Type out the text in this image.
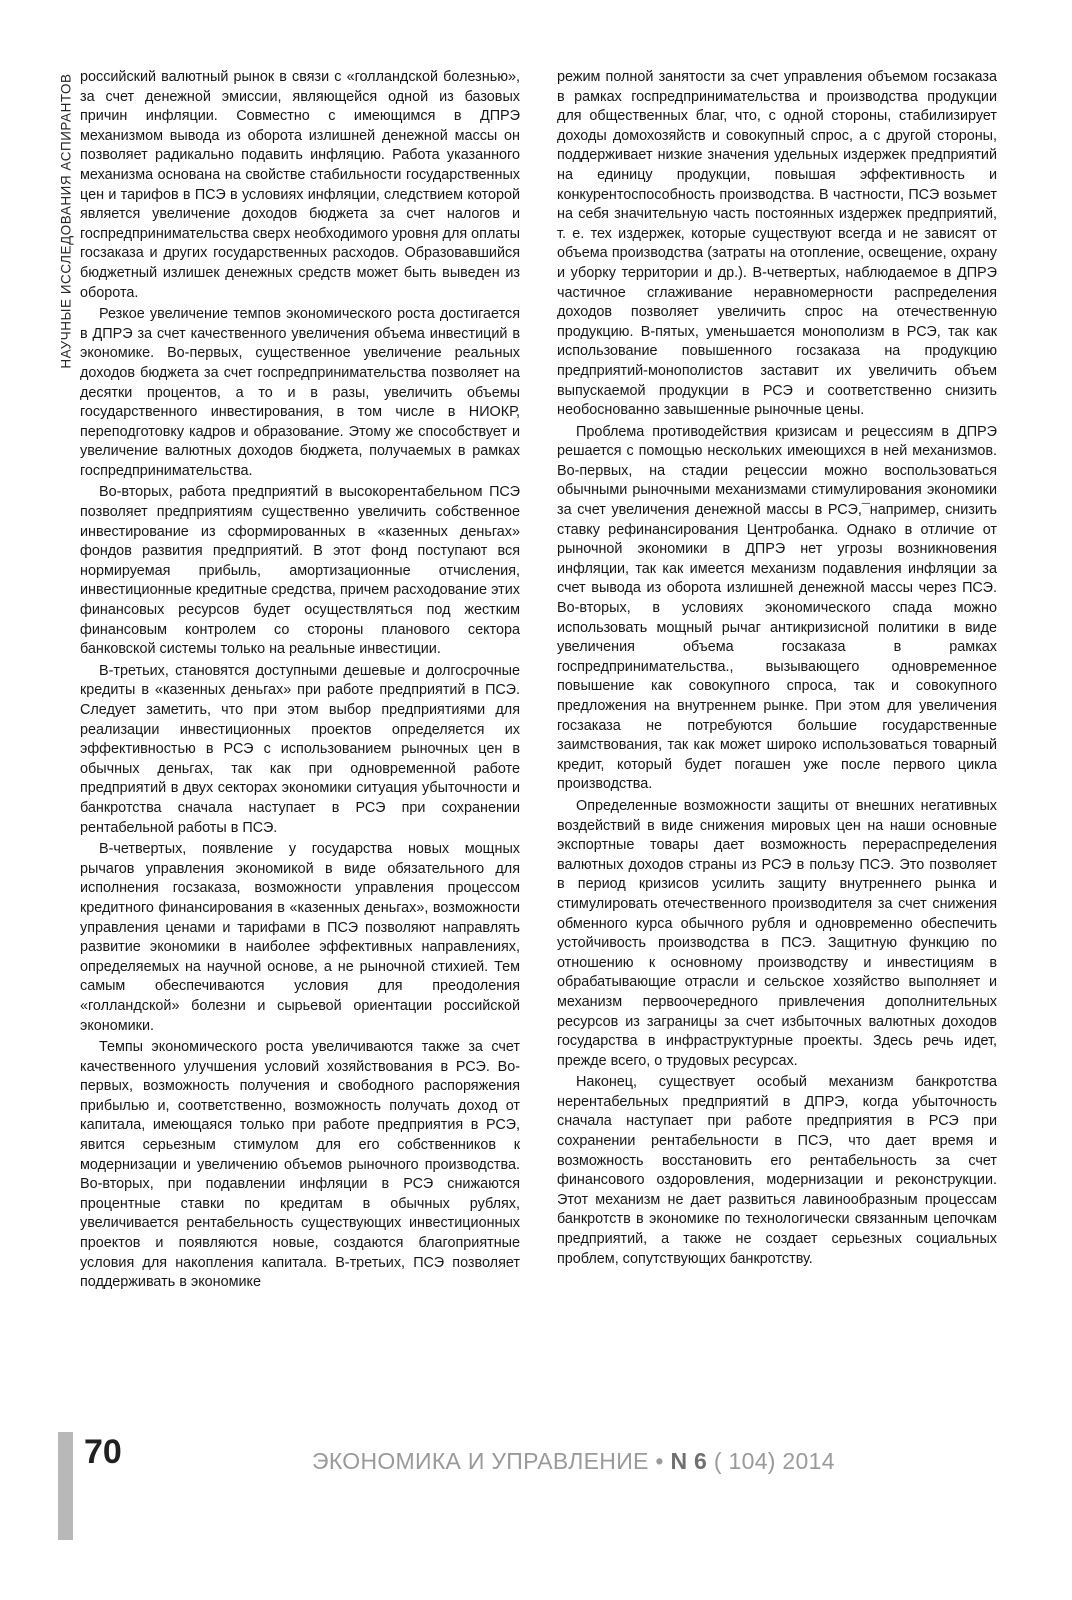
НАУЧНЫЕ ИССЛЕДОВАНИЯ АСПИРАНТОВ российский валютный рынок в связи с «голландской болезнью», за счет денежной эмиссии, являющейся одной из базовых причин инфляции. Совместно с имеющимся в ДПРЭ механизмом вывода из оборота излишней денежной массы он позволяет радикально подавить инфляцию. Работа указанного механизма основана на свойстве стабильности государственных цен и тарифов в ПСЭ в условиях инфляции, следствием которой является увеличение доходов бюджета за счет налогов и госпредпринимательства сверх необходимого уровня для оплаты госзаказа и других государственных расходов. Образовавшийся бюджетный излишек денежных средств может быть выведен из оборота.

Резкое увеличение темпов экономического роста достигается в ДПРЭ за счет качественного увеличения объема инвестиций в экономике. Во-первых, существенное увеличение реальных доходов бюджета за счет госпредпринимательства позволяет на десятки процентов, а то и в разы, увеличить объемы государственного инвестирования, в том числе в НИОКР, переподготовку кадров и образование. Этому же способствует и увеличение валютных доходов бюджета, получаемых в рамках госпредпринимательства.

Во-вторых, работа предприятий в высокорентабельном ПСЭ позволяет предприятиям существенно увеличить собственное инвестирование из сформированных в «казенных деньгах» фондов развития предприятий. В этот фонд поступают вся нормируемая прибыль, амортизационные отчисления, инвестиционные кредитные средства, причем расходование этих финансовых ресурсов будет осуществляться под жестким финансовым контролем со стороны планового сектора банковской системы только на реальные инвестиции.

В-третьих, становятся доступными дешевые и долгосрочные кредиты в «казенных деньгах» при работе предприятий в ПСЭ. Следует заметить, что при этом выбор предприятиями для реализации инвестиционных проектов определяется их эффективностью в РСЭ с использованием рыночных цен в обычных деньгах, так как при одновременной работе предприятий в двух секторах экономики ситуация убыточности и банкротства сначала наступает в РСЭ при сохранении рентабельной работы в ПСЭ.

В-четвертых, появление у государства новых мощных рычагов управления экономикой в виде обязательного для исполнения госзаказа, возможности управления процессом кредитного финансирования в «казенных деньгах», возможности управления ценами и тарифами в ПСЭ позволяют направлять развитие экономики в наиболее эффективных направлениях, определяемых на научной основе, а не рыночной стихией. Тем самым обеспечиваются условия для преодоления «голландской» болезни и сырьевой ориентации российской экономики.

Темпы экономического роста увеличиваются также за счет качественного улучшения условий хозяйствования в РСЭ. Во-первых, возможность получения и свободного распоряжения прибылью и, соответственно, возможность получать доход от капитала, имеющаяся только при работе предприятия в РСЭ, явится серьезным стимулом для его собственников к модернизации и увеличению объемов рыночного производства. Во-вторых, при подавлении инфляции в РСЭ снижаются процентные ставки по кредитам в обычных рублях, увеличивается рентабельность существующих инвестиционных проектов и появляются новые, создаются благоприятные условия для накопления капитала. В-третьих, ПСЭ позволяет поддерживать в экономике

режим полной занятости за счет управления объемом госзаказа в рамках госпредпринимательства и производства продукции для общественных благ, что, с одной стороны, стабилизирует доходы домохозяйств и совокупный спрос, а с другой стороны, поддерживает низкие значения удельных издержек предприятий на единицу продукции, повышая эффективность и конкурентоспособность производства. В частности, ПСЭ возьмет на себя значительную часть постоянных издержек предприятий, т. е. тех издержек, которые существуют всегда и не зависят от объема производства (затраты на отопление, освещение, охрану и уборку территории и др.). В-четвертых, наблюдаемое в ДПРЭ частичное сглаживание неравномерности распределения доходов позволяет увеличить спрос на отечественную продукцию. В-пятых, уменьшается монополизм в РСЭ, так как использование повышенного госзаказа на продукцию предприятий-монополистов заставит их увеличить объем выпускаемой продукции в РСЭ и соответственно снизить необоснованно завышенные рыночные цены.

Проблема противодействия кризисам и рецессиям в ДПРЭ решается с помощью нескольких имеющихся в ней механизмов. Во-первых, на стадии рецессии можно воспользоваться обычными рыночными механизмами стимулирования экономики за счет увеличения денежной массы в РСЭ,¯например, снизить ставку рефинансирования Центробанка. Однако в отличие от рыночной экономики в ДПРЭ нет угрозы возникновения инфляции, так как имеется механизм подавления инфляции за счет вывода из оборота излишней денежной массы через ПСЭ. Во-вторых, в условиях экономического спада можно использовать мощный рычаг антикризисной политики в виде увеличения объема госзаказа в рамках госпредпринимательства., вызывающего одновременное повышение как совокупного спроса, так и совокупного предложения на внутреннем рынке. При этом для увеличения госзаказа не потребуются большие государственные заимствования, так как может широко использоваться товарный кредит, который будет погашен уже после первого цикла производства.

Определенные возможности защиты от внешних негативных воздействий в виде снижения мировых цен на наши основные экспортные товары дает возможность перераспределения валютных доходов страны из РСЭ в пользу ПСЭ. Это позволяет в период кризисов усилить защиту внутреннего рынка и стимулировать отечественного производителя за счет снижения обменного курса обычного рубля и одновременно обеспечить устойчивость производства в ПСЭ. Защитную функцию по отношению к основному производству и инвестициям в обрабатывающие отрасли и сельское хозяйство выполняет и механизм первоочередного привлечения дополнительных ресурсов из заграницы за счет избыточных валютных доходов государства в инфраструктурные проекты. Здесь речь идет, прежде всего, о трудовых ресурсах.

Наконец, существует особый механизм банкротства нерентабельных предприятий в ДПРЭ, когда убыточность сначала наступает при работе предприятия в РСЭ при сохранении рентабельности в ПСЭ, что дает время и возможность восстановить его рентабельность за счет финансового оздоровления, модернизации и реконструкции. Этот механизм не дает развиться лавинообразным процессам банкротств в экономике по технологически связанным цепочкам предприятий, а также не создает серьезных социальных проблем, сопутствующих банкротству.

70	ЭКОНОМИКА И УПРАВЛЕНИЕ • N 6 ( 104) 2014
